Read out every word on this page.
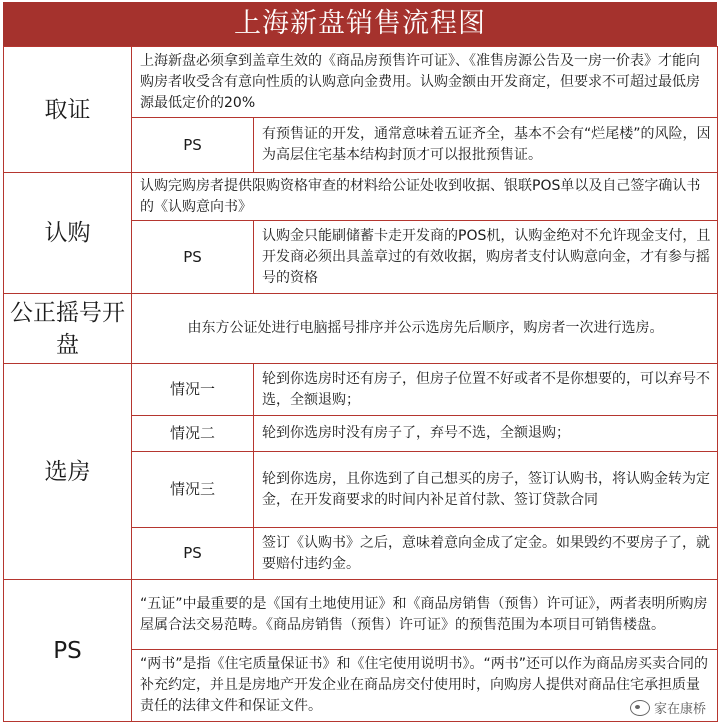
上海新盘销售流程图
取证	上海新盘必须拿到盖章生效的《商品房预售许可证》、《准售房源公告及一房一价表》才能向购房者收受含有意向性质的认购意向金费用。认购金额由开发商定，但要求不可超过最低房源最低定价的20%	
	PS	有预售证的开发，通常意味着五证齐全，基本不会有“烂尾楼”的风险，因为高层住宅基本结构封顶才可以报批预售证。
认购	认购完购房者提供限购资格审查的材料给公证处收到收据、银联POS单以及自己签字确认书的《认购意向书》	
	PS	认购金只能刷储蓄卡走开发商的POS机，认购金绝对不允许现金支付，且开发商必须出具盖章过的有效收据，购房者支付认购意向金，才有参与摇号的资格
公正摇号开盘	由东方公证处进行电脑摇号排序并公示选房先后顺序，购房者一次进行选房。	
选房	情况一	轮到你选房时还有房子，但房子位置不好或者不是你想要的，可以弃号不选，全额退购；
	情况二	轮到你选房时没有房子了，弃号不选，全额退购；
	情况三	轮到你选房，且你选到了自己想买的房子，签订认购书，将认购金转为定金，在开发商要求的时间内补足首付款、签订贷款合同
	PS	签订《认购书》之后，意味着意向金成了定金。如果毁约不要房子了，就要赔付违约金。
PS	“五证”中最重要的是《国有土地使用证》和《商品房销售（预售）许可证》，两者表明所购房屋属合法交易范畴。《商品房销售（预售）许可证》的预售范围为本项目可销售楼盘。	
	“两书”是指《住宅质量保证书》和《住宅使用说明书》。“两书”还可以作为商品房买卖合同的补充约定，并且是房地产开发企业在商品房交付使用时，向购房人提供对商品住宅承担质量责任的法律文件和保证文件。		家在康桥
